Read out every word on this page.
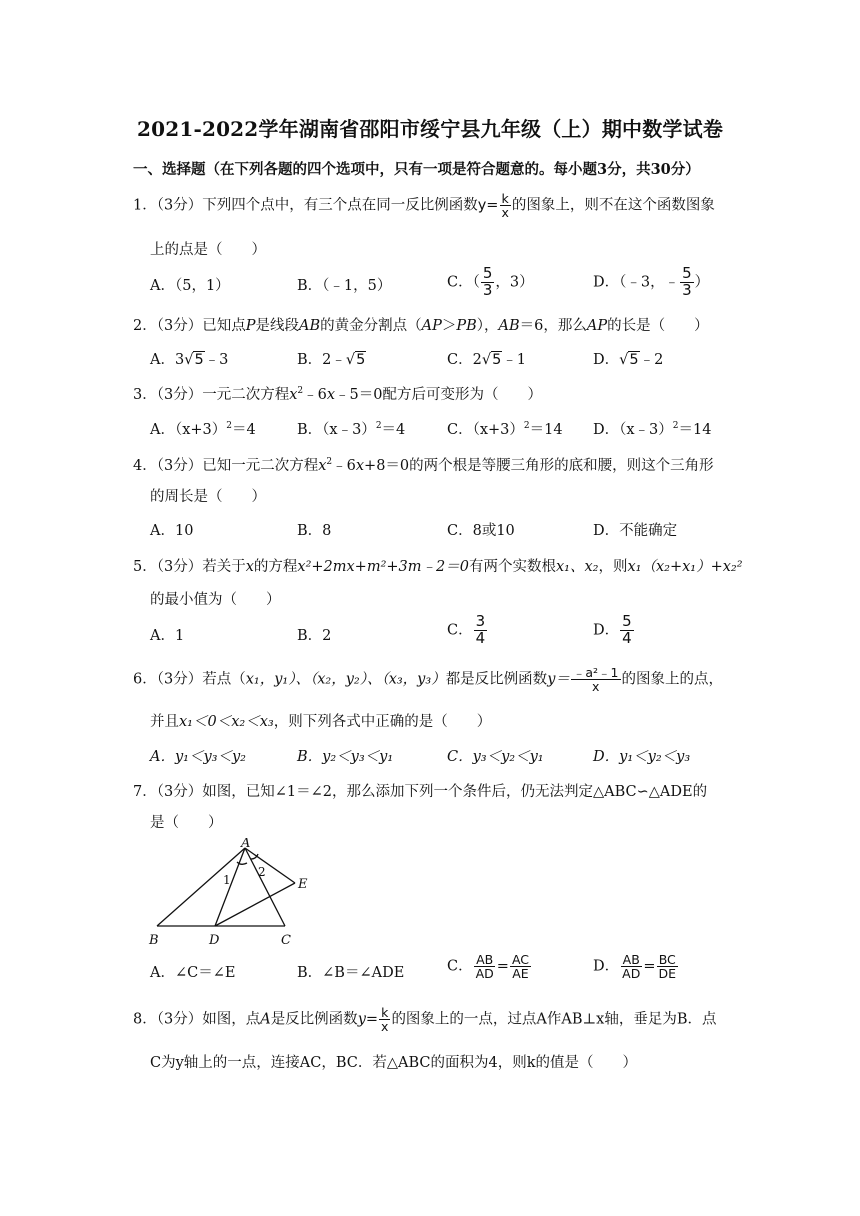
2021-2022学年湖南省邵阳市绥宁县九年级（上）期中数学试卷
一、选择题（在下列各题的四个选项中，只有一项是符合题意的。每小题3分，共30分）
1．（3分）下列四个点中，有三个点在同一反比例函数$y= \frac{k}{x}$ 的图象上，则不在这个函数图象
上的点是（　　）
A．（5，1）	B．（﹣1，5）	C．（ $\frac{5}{3}$ ，3）	D．（﹣3，﹣ $\frac{5}{3}$ ）
2．（3分）已知点P是线段AB的黄金分割点（AP＞PB），AB＝6，那么AP的长是（　　）
A．3√5﹣3	B．2﹣√5	C．2√5﹣1	D．√5﹣2
3．（3分）一元二次方程$x^2﹣6x﹣5=0$配方后可变形为（　　）
A．$(x+3)^2=4$	B．（x﹣3）$^2$＝4	C．$(x+3)^2=14$ D．（x﹣3）$^2$＝14
4．（3分）已知一元二次方程$x^2﹣6x+8=0$的两个根是等腰三角形的底和腰，则这个三角形
的周长是（　　）
A．10	B．8	C．8或10	D．不能确定
5．（3分）若关于x的方程x²+2mx+m²+3m﹣2＝0有两个实数根x₁、x₂，则x₁（x₂+x₁）+x₂²
的最小值为（　　）
A．1	B．2	C． $\frac{3}{4}$	D． $\frac{5}{4}$
6．（3分）若点（x₁，y₁）、（x₂，y₂）、（x₃，y₃）都是反比例函数$y= \frac{\text{﹣a²﹣1}}{x}$ 的图象上的点，
并且x₁＜0＜x₂＜x₃，则下列各式中正确的是（　　）
A．y₁＜y₃＜y₂	B．y₂＜y₃＜y₁	C．y₃＜y₂＜y₁	D．y₁＜y₂＜y₃
7．（3分）如图，已知∠1＝∠2，那么添加下列一个条件后，仍无法判定△ABC∽△ADE的
是（　　）
A
B	D	C
E
1
2
A．∠C＝∠E	B．∠B＝∠ADE	C． $\frac{AB}{AD} = \frac{AC}{AE}$	D． $\frac{AB}{AD} = \frac{BC}{DE}$
8．（3分）如图，点A是反比例函数$y= \frac{k}{x}$ 的图象上的一点，过点A作AB⊥x轴，垂足为B．点
C为y轴上的一点，连接AC，BC．若△ABC的面积为4，则k的值是（　　）
